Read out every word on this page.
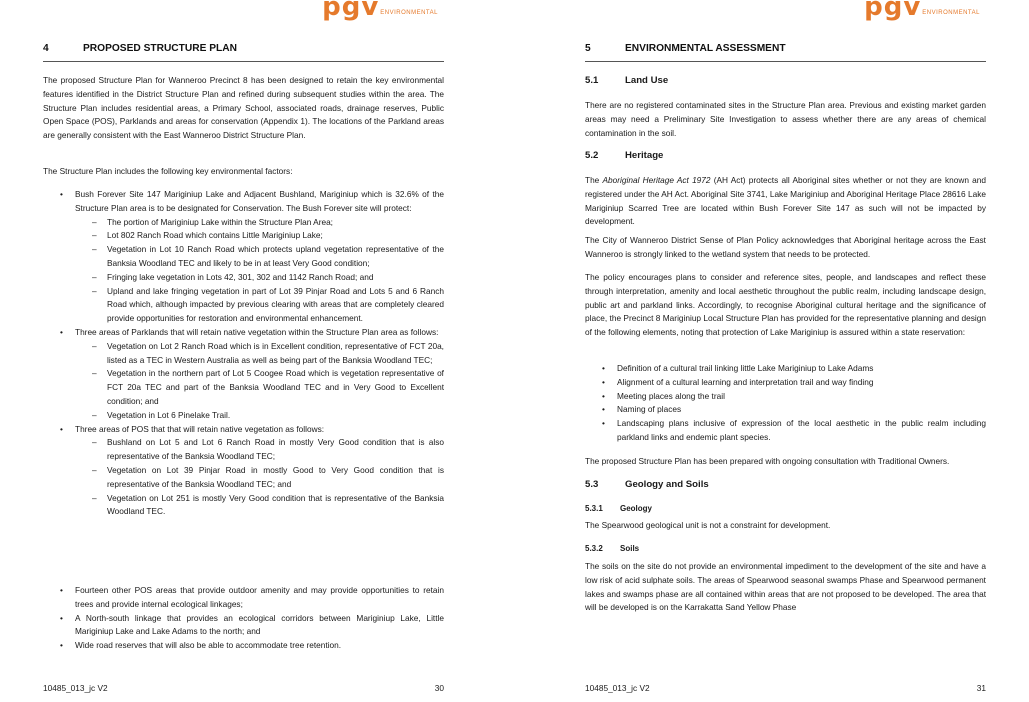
pgv ENVIRONMENTAL
4	PROPOSED STRUCTURE PLAN
The proposed Structure Plan for Wanneroo Precinct 8 has been designed to retain the key environmental features identified in the District Structure Plan and refined during subsequent studies within the area. The Structure Plan includes residential areas, a Primary School, associated roads, drainage reserves, Public Open Space (POS), Parklands and areas for conservation (Appendix 1). The locations of the Parkland areas are generally consistent with the East Wanneroo District Structure Plan.
The Structure Plan includes the following key environmental factors:
• Bush Forever Site 147 Mariginiup Lake and Adjacent Bushland, Mariginiup which is 32.6% of the Structure Plan area is to be designated for Conservation. The Bush Forever site will protect:
– The portion of Mariginiup Lake within the Structure Plan Area;
– Lot 802 Ranch Road which contains Little Mariginiup Lake;
– Vegetation in Lot 10 Ranch Road which protects upland vegetation representative of the Banksia Woodland TEC and likely to be in at least Very Good condition;
– Fringing lake vegetation in Lots 42, 301, 302 and 1142 Ranch Road; and
– Upland and lake fringing vegetation in part of Lot 39 Pinjar Road and Lots 5 and 6 Ranch Road which, although impacted by previous clearing with areas that are completely cleared provide opportunities for restoration and environmental enhancement.
• Three areas of Parklands that will retain native vegetation within the Structure Plan area as follows:
– Vegetation on Lot 2 Ranch Road which is in Excellent condition, representative of FCT 20a, listed as a TEC in Western Australia as well as being part of the Banksia Woodland TEC;
– Vegetation in the northern part of Lot 5 Coogee Road which is vegetation representative of FCT 20a TEC and part of the Banksia Woodland TEC and in Very Good to Excellent condition; and
– Vegetation in Lot 6 Pinelake Trail.
• Three areas of POS that that will retain native vegetation as follows:
– Bushland on Lot 5 and Lot 6 Ranch Road in mostly Very Good condition that is also representative of the Banksia Woodland TEC;
– Vegetation on Lot 39 Pinjar Road in mostly Good to Very Good condition that is representative of the Banksia Woodland TEC; and
– Vegetation on Lot 251 is mostly Very Good condition that is representative of the Banksia Woodland TEC.
• Fourteen other POS areas that provide outdoor amenity and may provide opportunities to retain trees and provide internal ecological linkages;
• A North-south linkage that provides an ecological corridors between Mariginiup Lake, Little Mariginiup Lake and Lake Adams to the north; and
• Wide road reserves that will also be able to accommodate tree retention.
10485_013_jc V2	30
pgv ENVIRONMENTAL
5	ENVIRONMENTAL ASSESSMENT
5.1	Land Use
There are no registered contaminated sites in the Structure Plan area. Previous and existing market garden areas may need a Preliminary Site Investigation to assess whether there are any areas of chemical contamination in the soil.
5.2	Heritage
The Aboriginal Heritage Act 1972 (AH Act) protects all Aboriginal sites whether or not they are known and registered under the AH Act. Aboriginal Site 3741, Lake Mariginiup and Aboriginal Heritage Place 28616 Lake Mariginiup Scarred Tree are located within Bush Forever Site 147 as such will not be impacted by development.
The City of Wanneroo District Sense of Plan Policy acknowledges that Aboriginal heritage across the East Wanneroo is strongly linked to the wetland system that needs to be protected.
The policy encourages plans to consider and reference sites, people, and landscapes and reflect these through interpretation, amenity and local aesthetic throughout the public realm, including landscape design, public art and parkland links. Accordingly, to recognise Aboriginal cultural heritage and the significance of place, the Precinct 8 Mariginiup Local Structure Plan has provided for the representative planning and design of the following elements, noting that protection of Lake Mariginiup is assured within a state reservation:
• Definition of a cultural trail linking little Lake Mariginiup to Lake Adams
• Alignment of a cultural learning and interpretation trail and way finding
• Meeting places along the trail
• Naming of places
• Landscaping plans inclusive of expression of the local aesthetic in the public realm including parkland links and endemic plant species.
The proposed Structure Plan has been prepared with ongoing consultation with Traditional Owners.
5.3	Geology and Soils
5.3.1	Geology
The Spearwood geological unit is not a constraint for development.
5.3.2	Soils
The soils on the site do not provide an environmental impediment to the development of the site and have a low risk of acid sulphate soils. The areas of Spearwood seasonal swamps Phase and Spearwood permanent lakes and swamps phase are all contained within areas that are not proposed to be developed. The area that will be developed is on the Karrakatta Sand Yellow Phase
10485_013_jc V2	31
